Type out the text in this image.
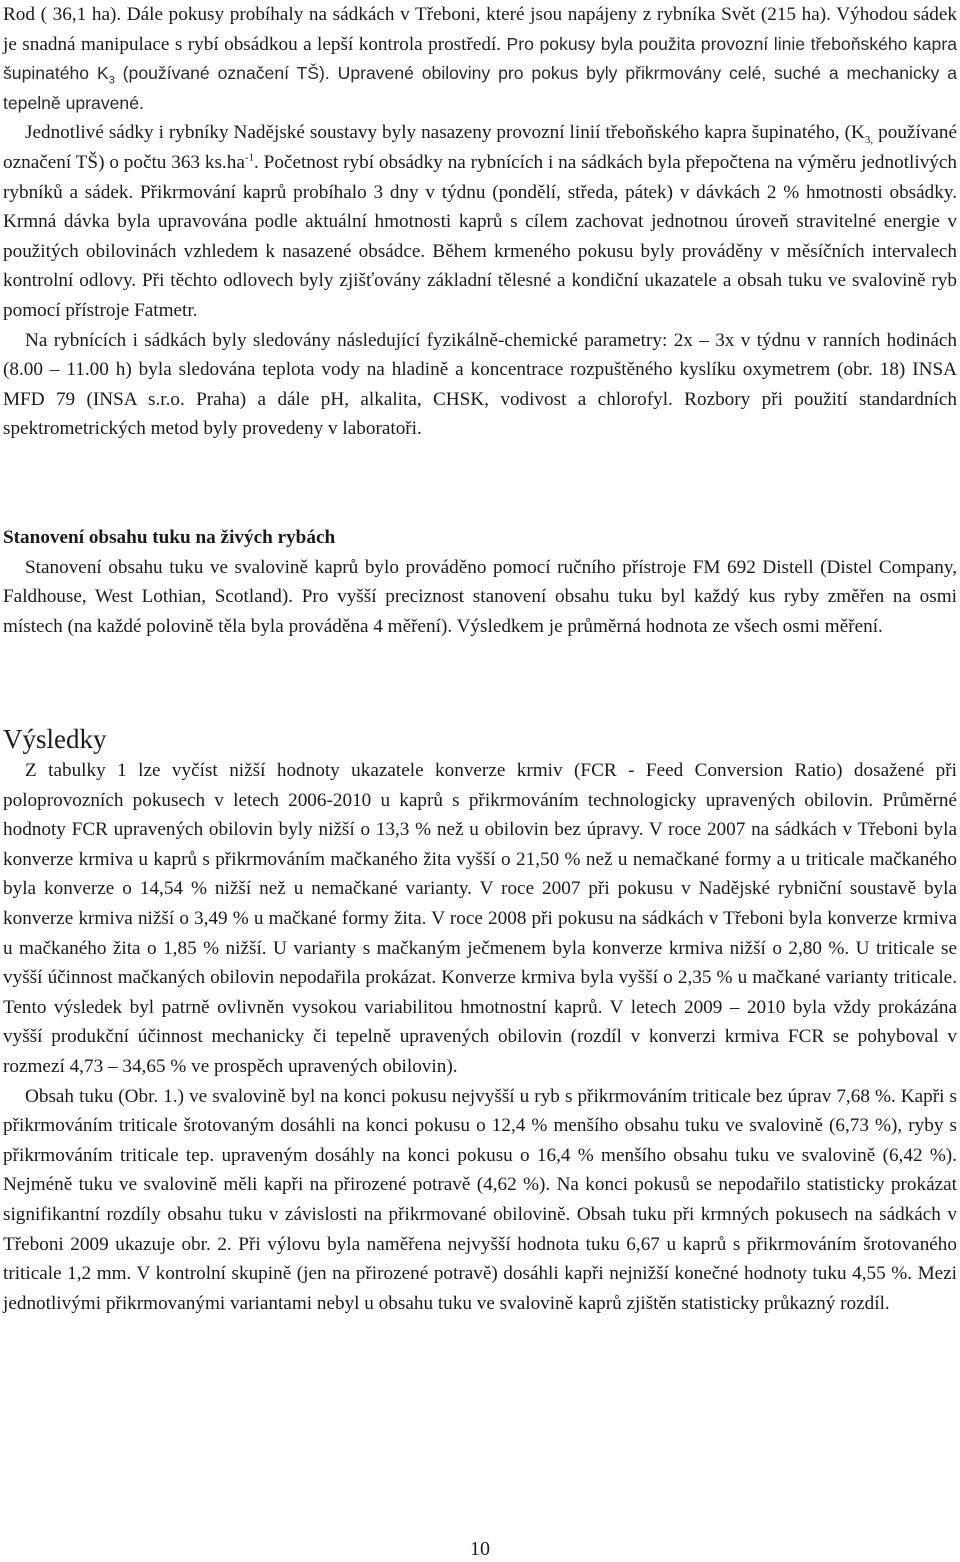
Rod ( 36,1 ha). Dále pokusy probíhaly na sádkách v Třeboni, které jsou napájeny z rybníka Svět (215 ha). Výhodou sádek je snadná manipulace s rybí obsádkou a lepší kontrola prostředí. Pro pokusy byla použita provozní linie třeboňského kapra šupinatého $K_3$ (používané označení TŠ). Upravené obiloviny pro pokus byly přikrmovány celé, suché a mechanicky a tepelně upravené.

Jednotlivé sádky i rybníky Nadějské soustavy byly nasazeny provozní linií třeboňského kapra šupinatého, ($K_{3,}$ používané označení TŠ) o počtu 363 $ks.ha^{-1}$. Početnost rybí obsádky na rybnících i na sádkách byla přepočtena na výměru jednotlivých rybníků a sádek. Přikrmování kaprů probíhalo 3 dny v týdnu (pondělí, středa, pátek) v dávkách 2 % hmotnosti obsádky. Krmná dávka byla upravována podle aktuální hmotnosti kaprů s cílem zachovat jednotnou úroveň stravitelné energie v použitých obilovinách vzhledem k nasazené obsádce. Během krmeného pokusu byly prováděny v měsíčních intervalech kontrolní odlovy. Při těchto odlovech byly zjišťovány základní tělesné a kondiční ukazatele a obsah tuku ve svalovině ryb pomocí přístroje Fatmetr.

Na rybnících i sádkách byly sledovány následující fyzikálně-chemické parametry: 2x – 3x v týdnu v ranních hodinách (8.00 – 11.00 h) byla sledována teplota vody na hladině a koncentrace rozpuštěného kyslíku oxymetrem (obr. 18) INSA MFD 79 (INSA s.r.o. Praha) a dále pH, alkalita, CHSK, vodivost a chlorofyl. Rozbory při použití standardních spektrometrických metod byly provedeny v laboratoři.

Stanovení obsahu tuku na živých rybách

Stanovení obsahu tuku ve svalovině kaprů bylo prováděno pomocí ručního přístroje FM 692 Distell (Distel Company, Faldhouse, West Lothian, Scotland). Pro vyšší preciznost stanovení obsahu tuku byl každý kus ryby změřen na osmi místech (na každé polovině těla byla prováděna 4 měření). Výsledkem je průměrná hodnota ze všech osmi měření.

Výsledky

Z tabulky 1 lze vyčíst nižší hodnoty ukazatele konverze krmiv (FCR - Feed Conversion Ratio) dosažené při poloprovozních pokusech v letech 2006-2010 u kaprů s přikrmováním technologicky upravených obilovin. Průměrné hodnoty FCR upravených obilovin byly nižší o 13,3 % než u obilovin bez úpravy. V roce 2007 na sádkách v Třeboni byla konverze krmiva u kaprů s přikrmováním mačkaného žita vyšší o 21,50 % než u nemačkané formy a u triticale mačkaného byla konverze o 14,54 % nižší než u nemačkané varianty. V roce 2007 při pokusu v Nadějské rybniční soustavě byla konverze krmiva nižší o 3,49 % u mačkané formy žita. V roce 2008 při pokusu na sádkách v Třeboni byla konverze krmiva u mačkaného žita o 1,85 % nižší. U varianty s mačkaným ječmenem byla konverze krmiva nižší o 2,80 %. U triticale se vyšší účinnost mačkaných obilovin nepodařila prokázat. Konverze krmiva byla vyšší o 2,35 % u mačkané varianty triticale. Tento výsledek byl patrně ovlivněn vysokou variabilitou hmotnostní kaprů. V letech 2009 – 2010 byla vždy prokázána vyšší produkční účinnost mechanicky či tepelně upravených obilovin (rozdíl v konverzi krmiva FCR se pohyboval v rozmezí 4,73 – 34,65 % ve prospěch upravených obilovin).

Obsah tuku (Obr. 1.) ve svalovině byl na konci pokusu nejvyšší u ryb s přikrmováním triticale bez úprav 7,68 %. Kapři s přikrmováním triticale šrotovaným dosáhli na konci pokusu o 12,4 % menšího obsahu tuku ve svalovině (6,73 %), ryby s přikrmováním triticale tep. upraveným dosáhly na konci pokusu o 16,4 % menšího obsahu tuku ve svalovině (6,42 %). Nejméně tuku ve svalovině měli kapři na přirozené potravě (4,62 %). Na konci pokusů se nepodařilo statisticky prokázat signifikantní rozdíly obsahu tuku v závislosti na přikrmované obilovině. Obsah tuku při krmných pokusech na sádkách v Třeboni 2009 ukazuje obr. 2. Při výlovu byla naměřena nejvyšší hodnota tuku 6,67 u kaprů s přikrmováním šrotovaného triticale 1,2 mm. V kontrolní skupině (jen na přirozené potravě) dosáhli kapři nejnižší konečné hodnoty tuku 4,55 %. Mezi jednotlivými přikrmovanými variantami nebyl u obsahu tuku ve svalovině kaprů zjištěn statisticky průkazný rozdíl.

10
